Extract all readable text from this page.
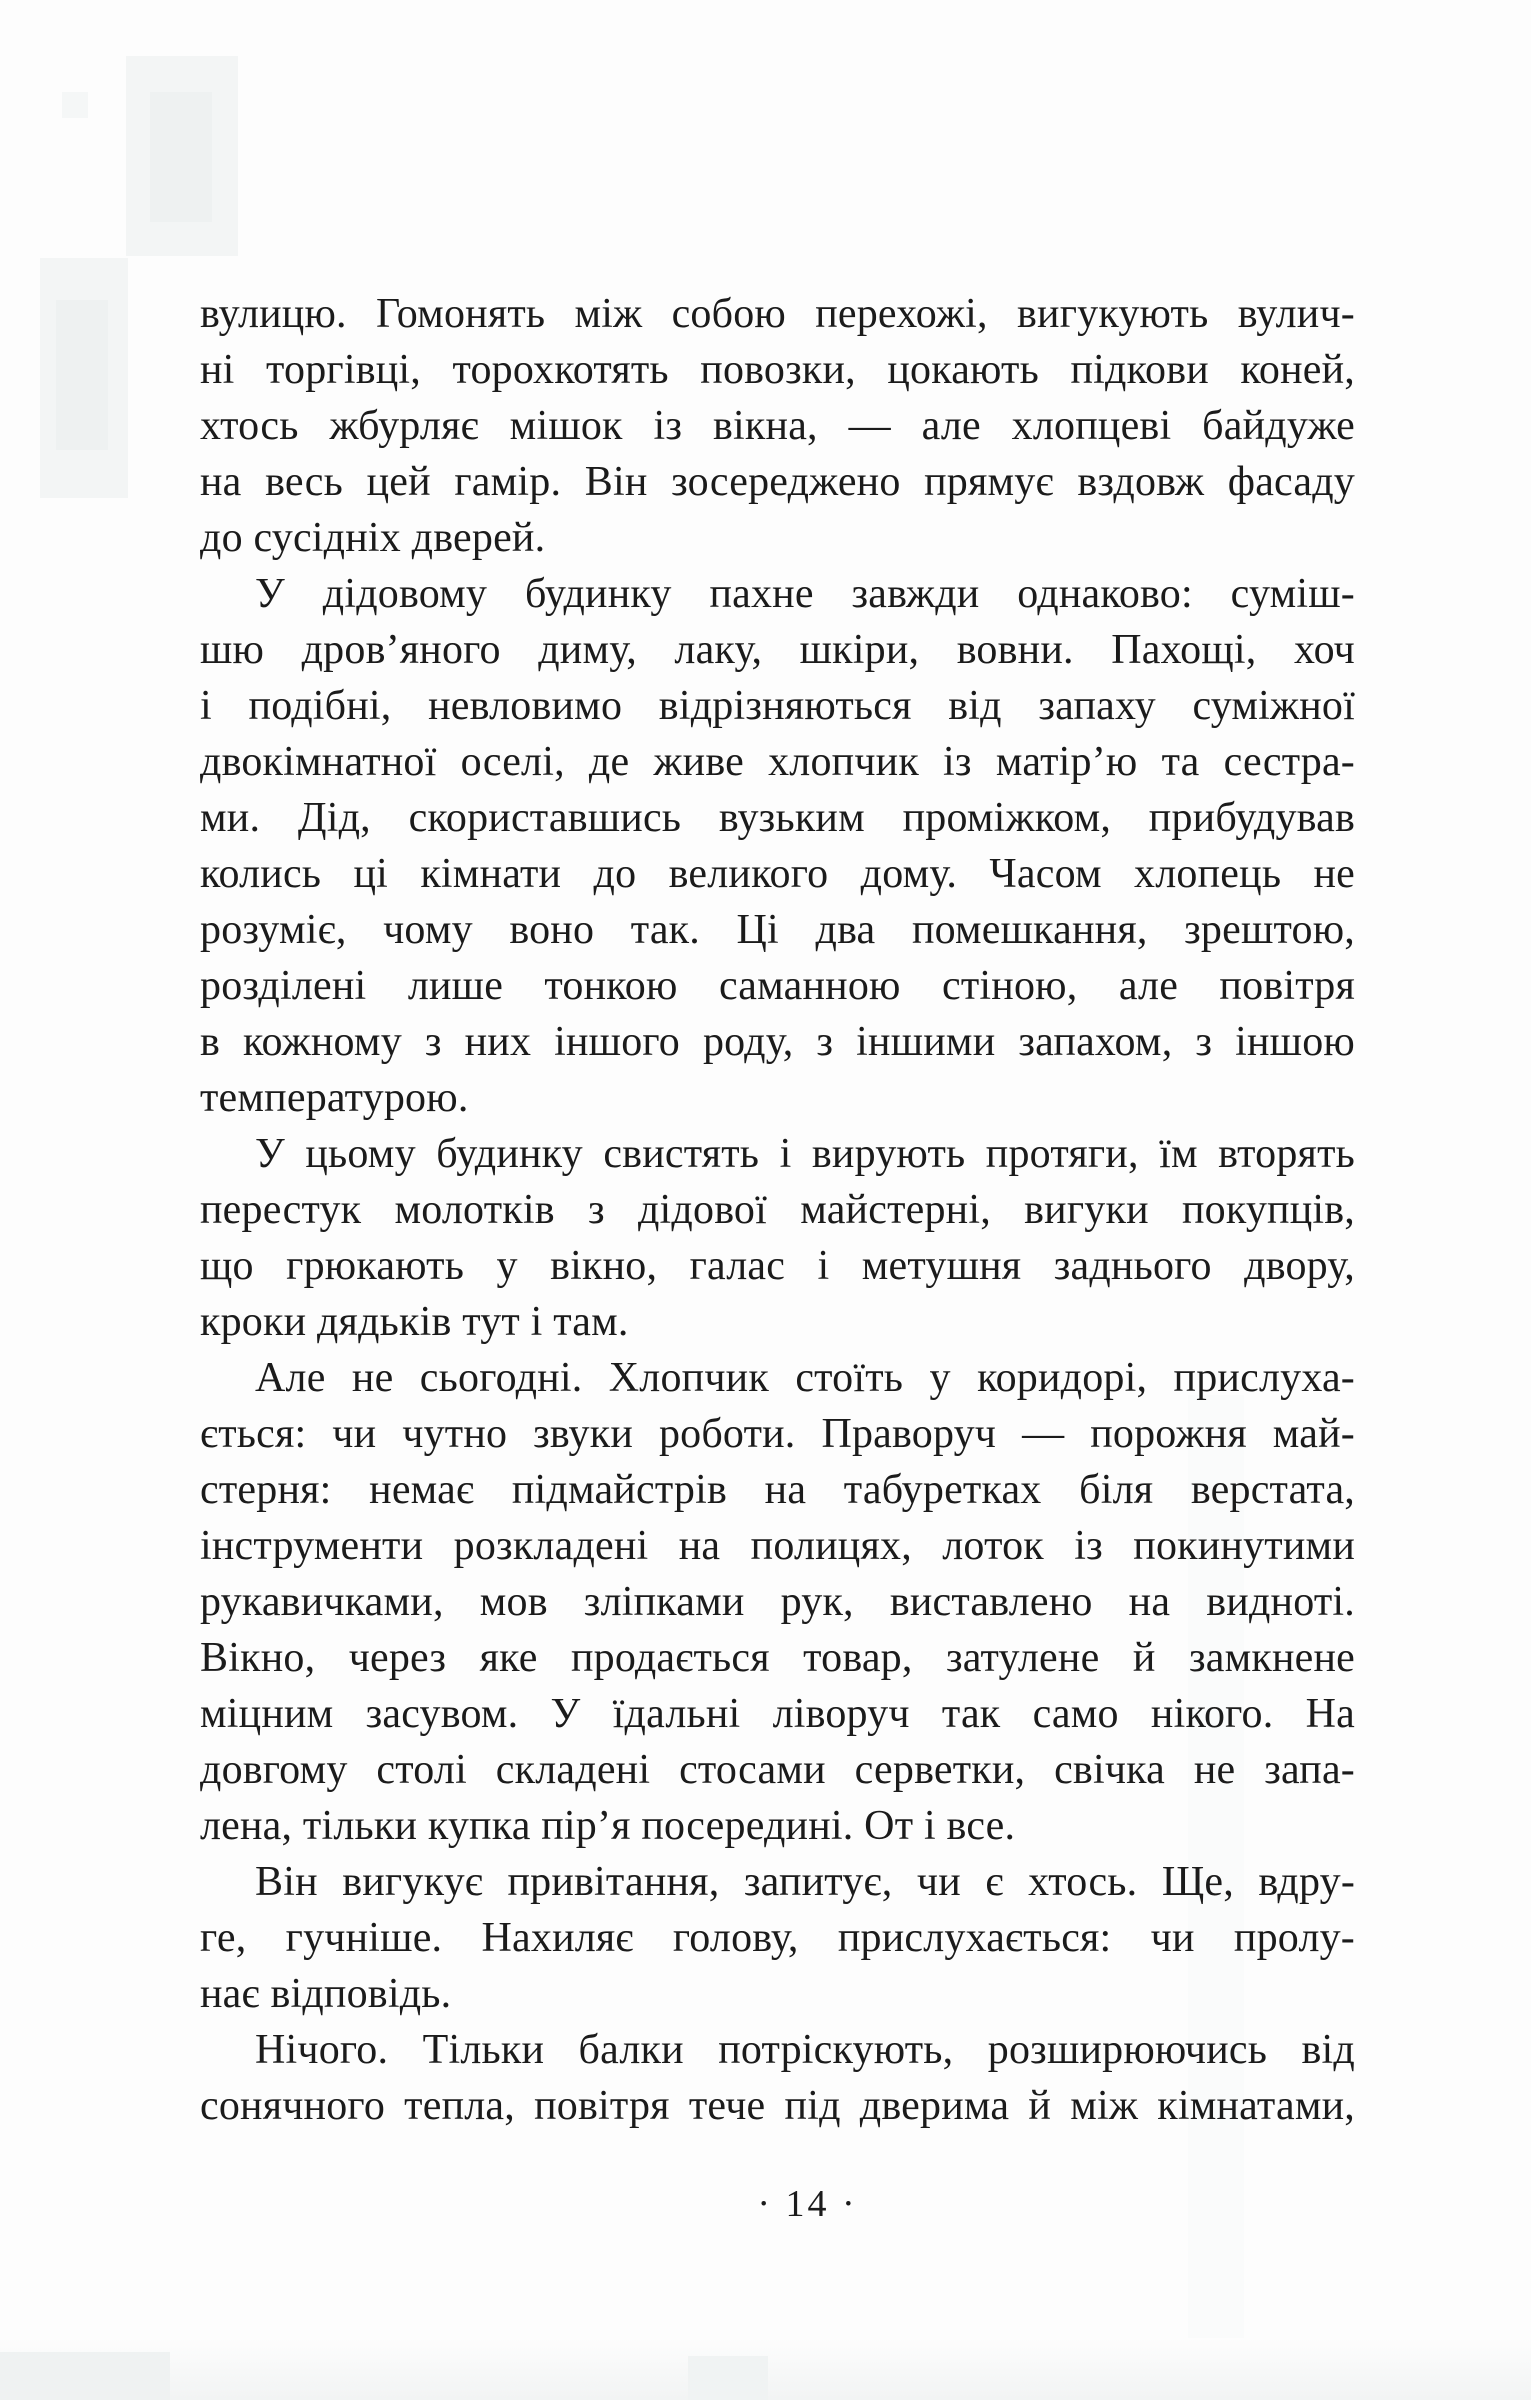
вулицю. Гомонять між собою перехожі, вигукують вулич-
ні торгівці, торохкотять повозки, цокають підкови коней,
хтось жбурляє мішок із вікна, — але хлопцеві байдуже
на весь цей гамір. Він зосереджено прямує вздовж фасаду
до сусідніх дверей.
У дідовому будинку пахне завжди однаково: суміш-
шю дров’яного диму, лаку, шкіри, вовни. Пахощі, хоч
і подібні, невловимо відрізняються від запаху суміжної
двокімнатної оселі, де живе хлопчик із матір’ю та сестра-
ми. Дід, скориставшись вузьким проміжком, прибудував
колись ці кімнати до великого дому. Часом хлопець не
розуміє, чому воно так. Ці два помешкання, зрештою,
розділені лише тонкою саманною стіною, але повітря
в кожному з них іншого роду, з іншими запахом, з іншою
температурою.
У цьому будинку свистять і вирують протяги, їм вторять
перестук молотків з дідової майстерні, вигуки покупців,
що грюкають у вікно, галас і метушня заднього двору,
кроки дядьків тут і там.
Але не сьогодні. Хлопчик стоїть у коридорі, прислуха-
ється: чи чутно звуки роботи. Праворуч — порожня май-
стерня: немає підмайстрів на табуретках біля верстата,
інструменти розкладені на полицях, лоток із покинутими
рукавичками, мов зліпками рук, виставлено на видноті.
Вікно, через яке продається товар, затулене й замкнене
міцним засувом. У їдальні ліворуч так само нікого. На
довгому столі складені стосами серветки, свічка не запа-
лена, тільки купка пір’я посередині. От і все.
Він вигукує привітання, запитує, чи є хтось. Ще, вдру-
ге, гучніше. Нахиляє голову, прислухається: чи пролу-
нає відповідь.
Нічого. Тільки балки потріскують, розширюючись від
сонячного тепла, повітря тече під дверима й між кімнатами,
· 14 ·
